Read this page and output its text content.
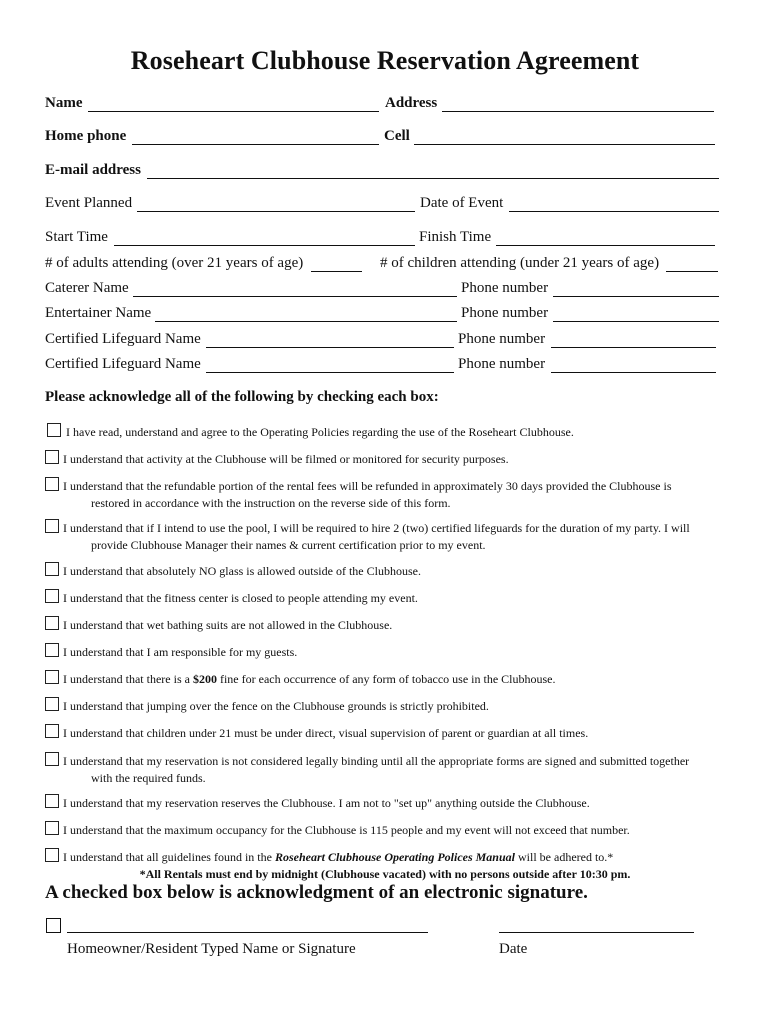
Roseheart Clubhouse Reservation Agreement
Name	Address
Home phone	Cell
E-mail address
Event Planned	Date of Event
Start Time	Finish Time
# of adults attending (over 21 years of age)	# of children attending (under 21 years of age)
Caterer Name	Phone number
Entertainer Name	Phone number
Certified Lifeguard Name	Phone number
Certified Lifeguard Name	Phone number
Please acknowledge all of the following by checking each box:
I have read, understand and agree to the Operating Policies regarding the use of the Roseheart Clubhouse.
I understand that activity at the Clubhouse will be filmed or monitored for security purposes.
I understand that the refundable portion of the rental fees will be refunded in approximately 30 days provided the Clubhouse is
restored in accordance with the instruction on the reverse side of this form.
I understand that if I intend to use the pool, I will be required to hire 2 (two) certified lifeguards for the duration of my party. I will
provide Clubhouse Manager their names & current certification prior to my event.
I understand that absolutely NO glass is allowed outside of the Clubhouse.
I understand that the fitness center is closed to people attending my event.
I understand that wet bathing suits are not allowed in the Clubhouse.
I understand that I am responsible for my guests.
I understand that there is a $200 fine for each occurrence of any form of tobacco use in the Clubhouse.
I understand that jumping over the fence on the Clubhouse grounds is strictly prohibited.
I understand that children under 21 must be under direct, visual supervision of parent or guardian at all times.
I understand that my reservation is not considered legally binding until all the appropriate forms are signed and submitted together
with the required funds.
I understand that my reservation reserves the Clubhouse. I am not to "set up" anything outside the Clubhouse.
I understand that the maximum occupancy for the Clubhouse is 115 people and my event will not exceed that number.
I understand that all guidelines found in the Roseheart Clubhouse Operating Polices Manual will be adhered to.*
*All Rentals must end by midnight (Clubhouse vacated) with no persons outside after 10:30 pm.
A checked box below is acknowledgment of an electronic signature.
Homeowner/Resident Typed Name or Signature	Date
